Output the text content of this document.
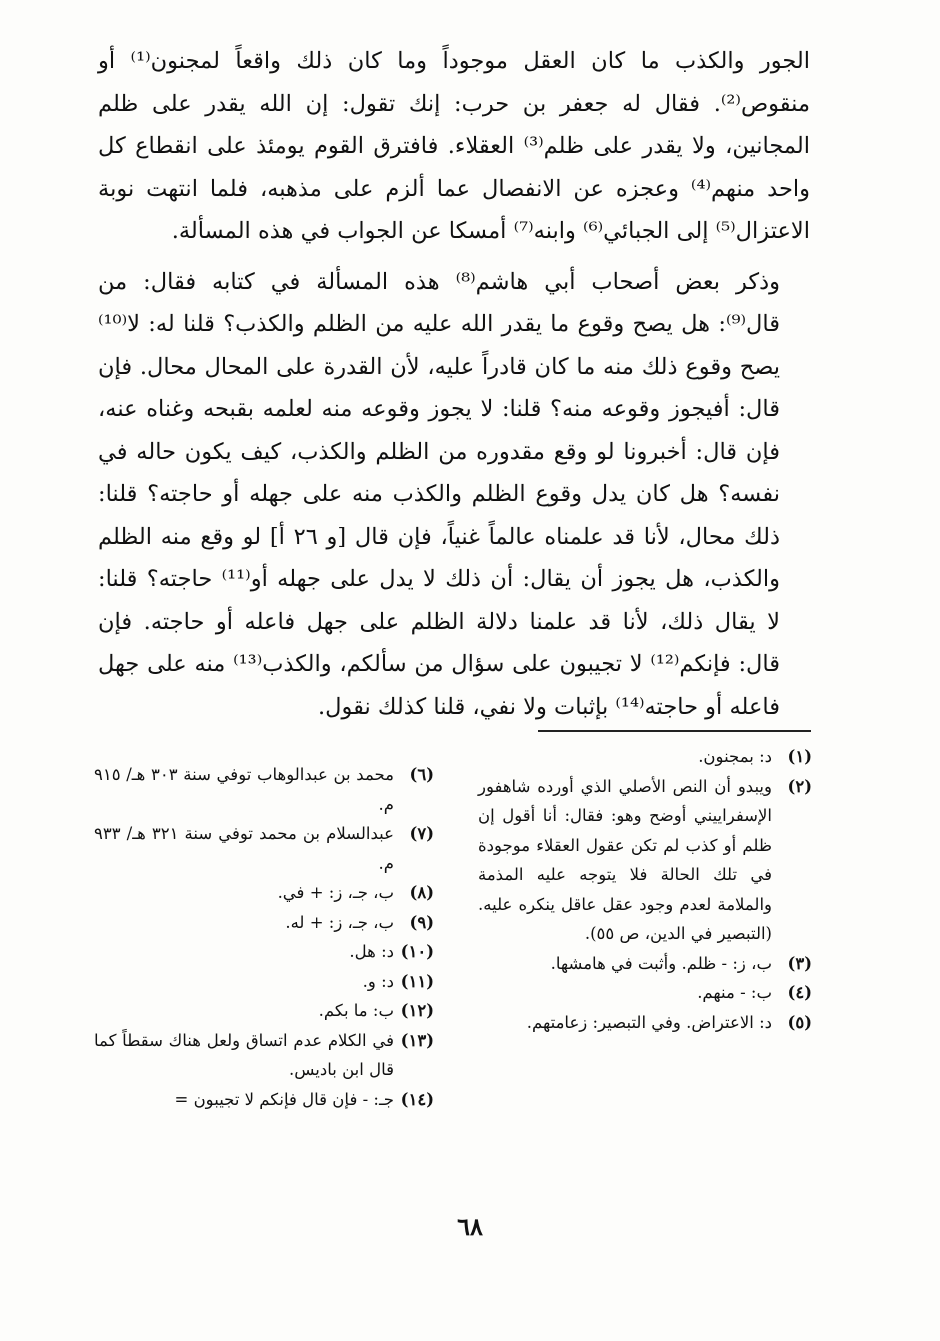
الجور والكذب ما كان العقل موجوداً وما كان ذلك واقعاً لمجنون⁽¹⁾ أو
منقوص⁽²⁾. فقال له جعفر بن حرب: إنك تقول: إن الله يقدر على ظلم
المجانين، ولا يقدر على ظلم⁽³⁾ العقلاء. فافترق القوم يومئذ على انقطاع كل
واحد منهم⁽⁴⁾ وعجزه عن الانفصال عما ألزم على مذهبه، فلما انتهت نوبة
الاعتزال⁽⁵⁾ إلى الجبائي⁽⁶⁾ وابنه⁽⁷⁾ أمسكا عن الجواب في هذه المسألة.

وذكر بعض أصحاب أبي هاشم⁽⁸⁾ هذه المسألة في كتابه فقال: من
قال⁽⁹⁾: هل يصح وقوع ما يقدر الله عليه من الظلم والكذب؟ قلنا له: لا⁽¹⁰⁾
يصح وقوع ذلك منه ما كان قادراً عليه، لأن القدرة على المحال محال. فإن
قال: أفيجوز وقوعه منه؟ قلنا: لا يجوز وقوعه منه لعلمه بقبحه وغناه عنه،
فإن قال: أخبرونا لو وقع مقدوره من الظلم والكذب، كيف يكون حاله في
نفسه؟ هل كان يدل وقوع الظلم والكذب منه على جهله أو حاجته؟ قلنا:
ذلك محال، لأنا قد علمناه عالماً غنياً، فإن قال [و ٢٦ أ] لو وقع منه الظلم
والكذب، هل يجوز أن يقال: أن ذلك لا يدل على جهله أو⁽¹¹⁾ حاجته؟ قلنا:
لا يقال ذلك، لأنا قد علمنا دلالة الظلم على جهل فاعله أو حاجته. فإن
قال: فإنكم⁽¹²⁾ لا تجيبون على سؤال من سألكم، والكذب⁽¹³⁾ منه على جهل
فاعله أو حاجته⁽¹⁴⁾ بإثبات ولا نفي، قلنا كذلك نقول.

(١)
د: بمجنون.
(٢)
ويبدو أن النص الأصلي الذي أورده شاهفور الإسفراييني أوضح وهو: فقال: أنا أقول إن ظلم أو كذب لم تكن عقول العقلاء موجودة في تلك الحالة فلا يتوجه عليه المذمة والملامة لعدم وجود عقل عاقل ينكره عليه. (التبصير في الدين، ص ٥٥).
(٣)
ب، ز: - ظلم. وأثبت في هامشها.
(٤)
ب: - منهم.
(٥)
د: الاعتراض. وفي التبصير: زعامتهم.
(٦)
محمد بن عبدالوهاب توفي سنة ٣٠٣ هـ/ ٩١٥ م.
(٧)
عبدالسلام بن محمد توفي سنة ٣٢١ هـ/ ٩٣٣ م.
(٨)
ب، جـ، ز: + في.
(٩)
ب، جـ، ز: + له.
(١٠)
د: هل.
(١١)
د: و.
(١٢)
ب: ما بكم.
(١٣)
في الكلام عدم اتساق ولعل هناك سقطاً كما قال ابن باديس.
(١٤)
جـ: - فإن قال فإنكم لا تجيبون =
٦٨
